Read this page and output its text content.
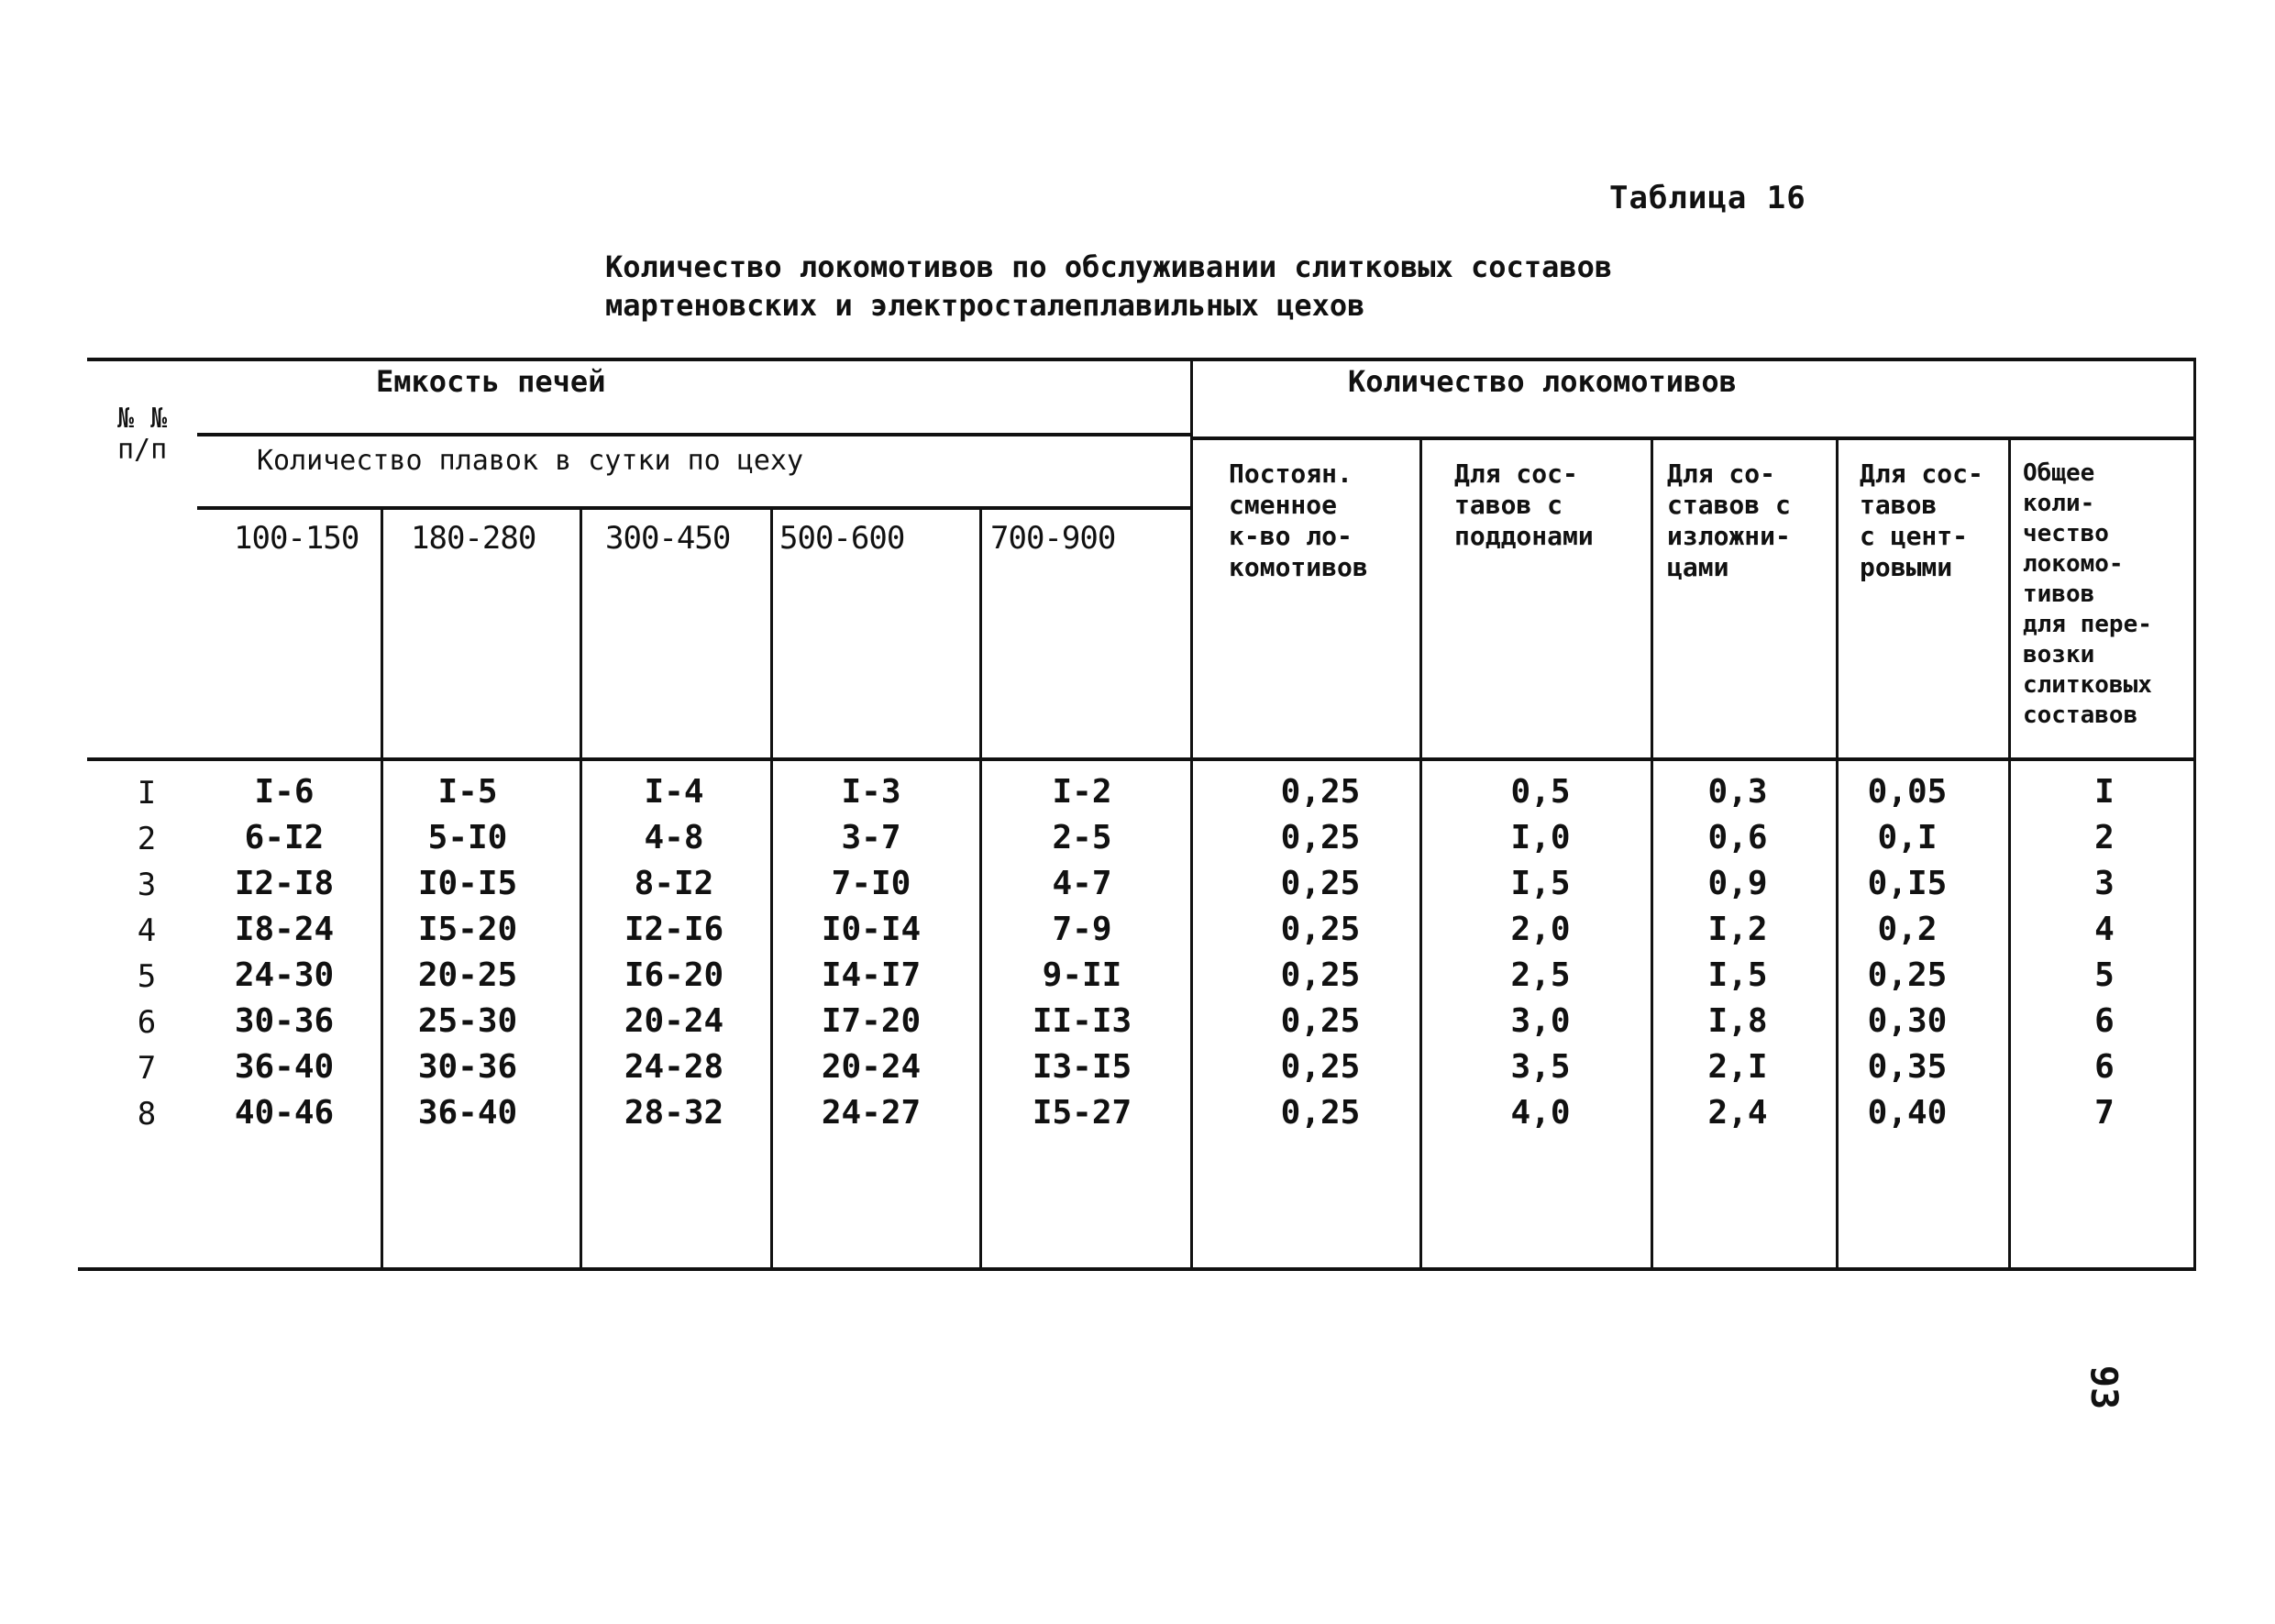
Таблица 16
Количество локомотивов по обслуживании слитковых составов
мартеновских и электросталеплавильных цехов
№ №
п/п
Емкость печей
Количество плавок в сутки по цеху
Количество локомотивов
100-150 180-280 300-450 500-600	700-900
Постоян.
сменное
к-во ло-
комотивов
Для сос-
тавов с
поддонами
Для со-
ставов с
изложни-
цами
Для сос-
тавов
с цент-
ровыми
Общее
коли-
чество
локомо-
тивов
для пере-
возки
слитковых
составов
I	I-6	I-5	I-4	I-3	I-2	0,25	0,5	0,3	0,05	I
2	6-I2	5-I0	4-8	3-7	2-5	0,25	I,0	0,6	0,I	2
3	I2-I8	I0-I5	8-I2	7-I0	4-7	0,25	I,5	0,9	0,I5	3
4	I8-24	I5-20	I2-I6	I0-I4	7-9	0,25	2,0	I,2	0,2	4
5	24-30	20-25	I6-20	I4-I7	9-II	0,25	2,5	I,5	0,25	5
6	30-36	25-30	20-24	I7-20	II-I3	0,25	3,0	I,8	0,30	6
7	36-40	30-36	24-28	20-24	I3-I5	0,25	3,5	2,I	0,35	6
8	40-46	36-40	28-32	24-27	I5-27	0,25	4,0	2,4	0,40	7
93
